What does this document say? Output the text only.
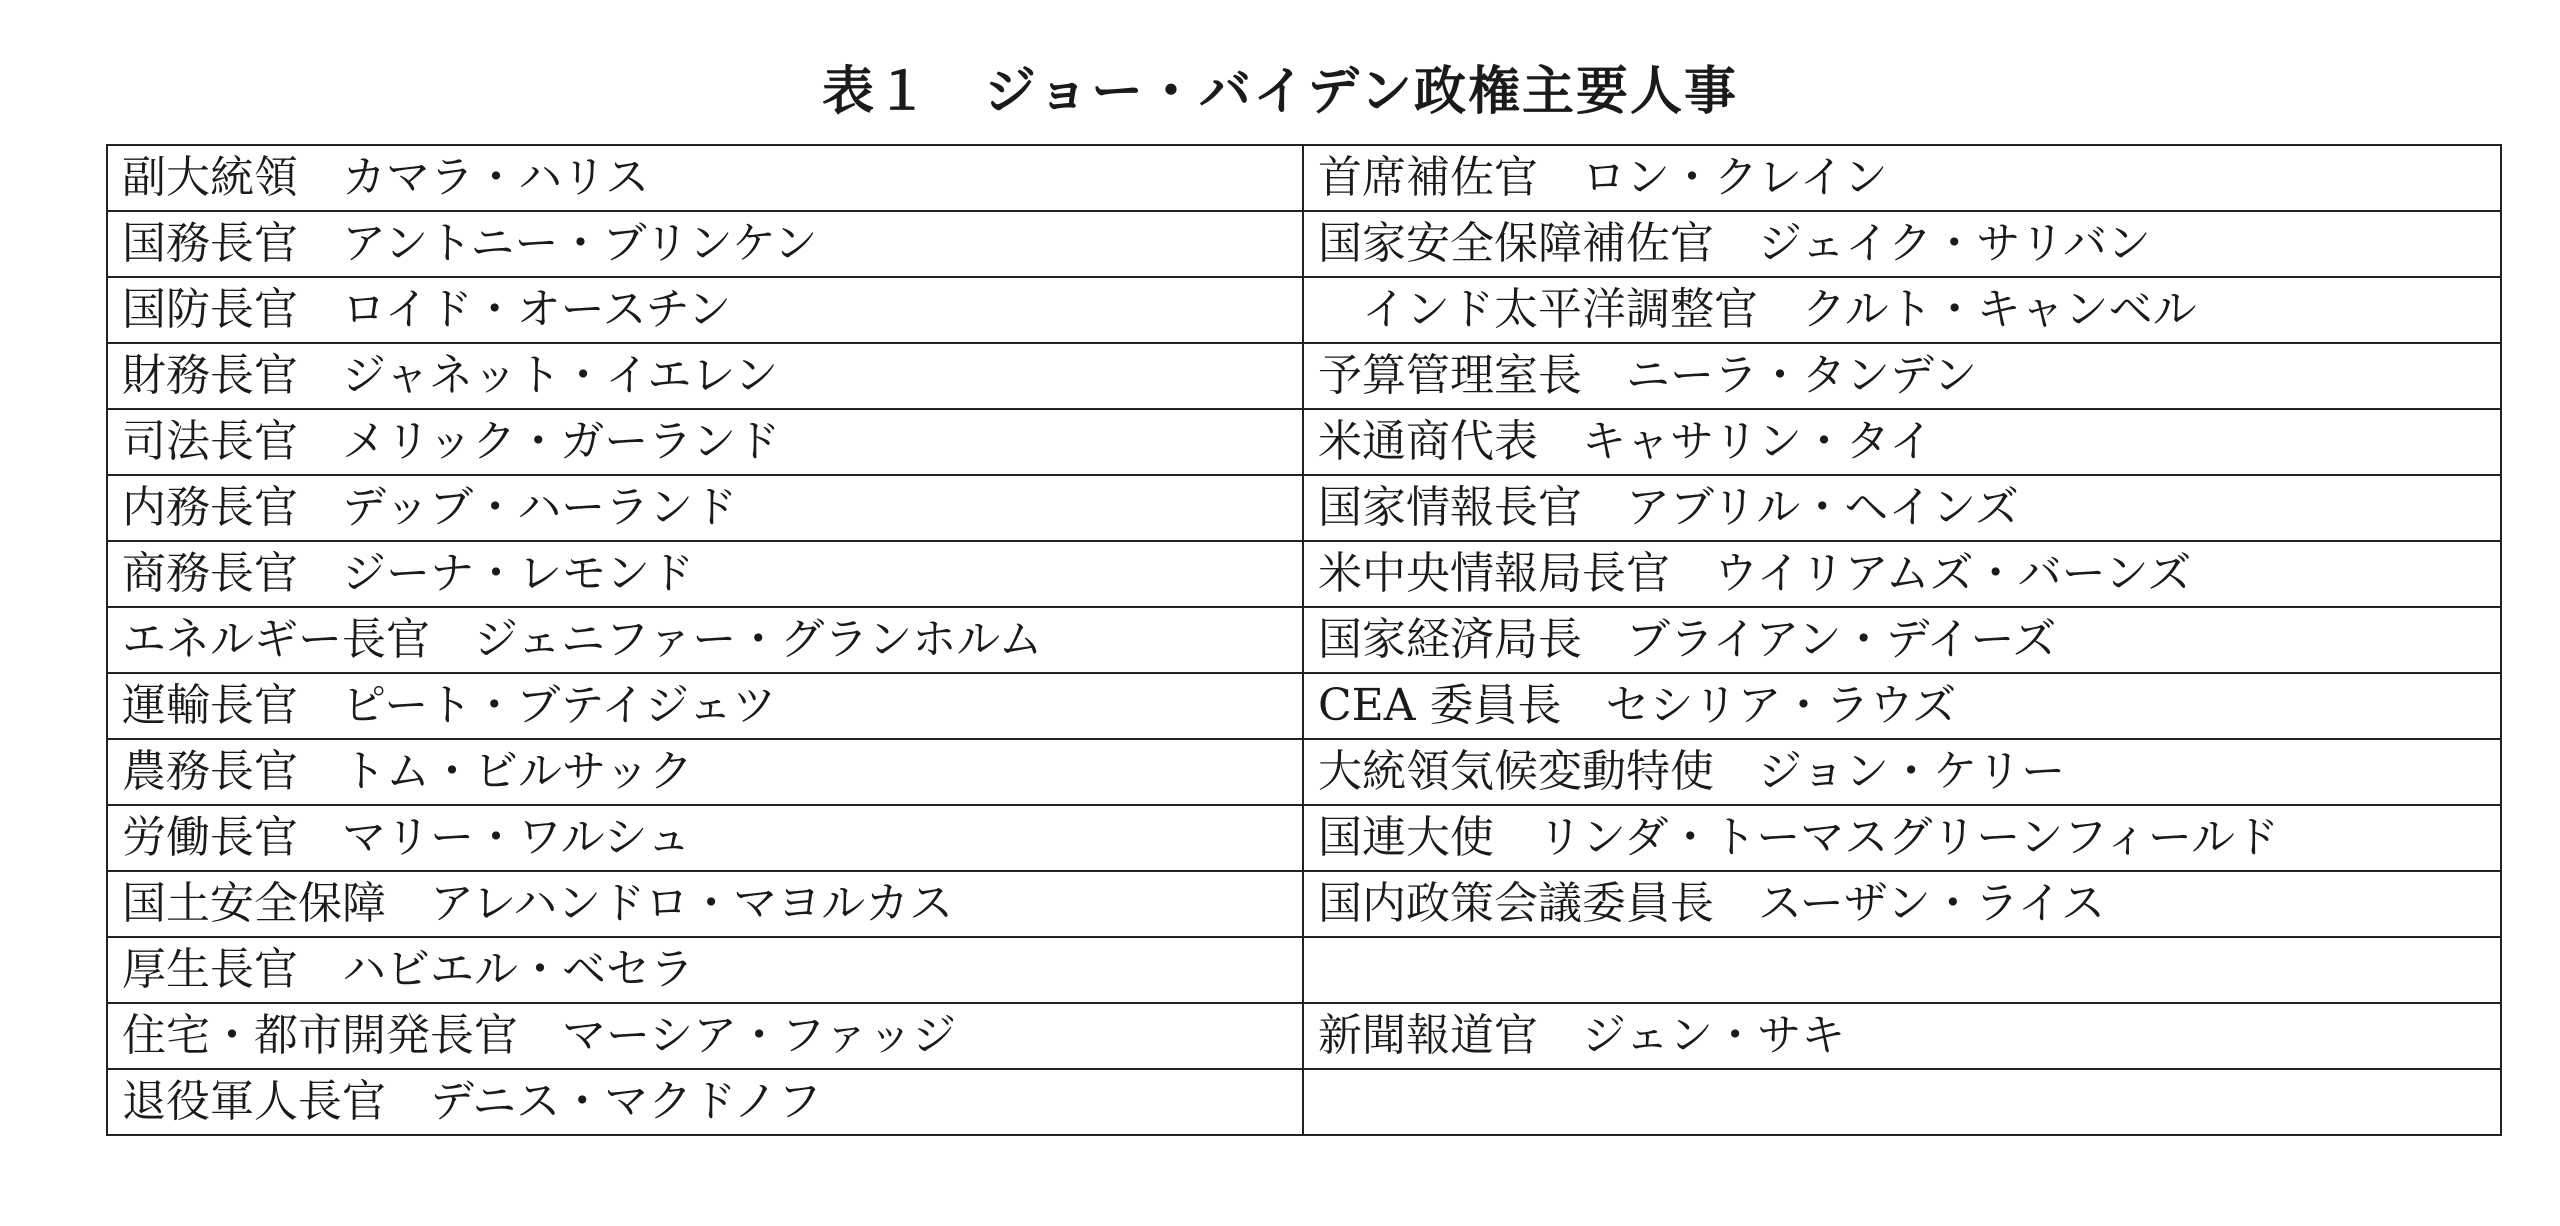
表１　ジョー・バイデン政権主要人事
副大統領 カマラ・ハリス	首席補佐官 ロン・クレイン
国務長官 アントニー・ブリンケン	国家安全保障補佐官 ジェイク・サリバン
国防長官 ロイド・オースチン	インド太平洋調整官 クルト・キャンベル
財務長官 ジャネット・イエレン	予算管理室長 ニーラ・タンデン
司法長官 メリック・ガーランド	米通商代表 キャサリン・タイ
内務長官 デッブ・ハーランド	国家情報長官 アブリル・ヘインズ
商務長官 ジーナ・レモンド	米中央情報局長官 ウイリアムズ・バーンズ
エネルギー長官 ジェニファー・グランホルム	国家経済局長 ブライアン・デイーズ
運輸長官 ピート・ブテイジェツ	CEA 委員長 セシリア・ラウズ
農務長官 トム・ビルサック	大統領気候変動特使 ジョン・ケリー
労働長官 マリー・ワルシュ	国連大使 リンダ・トーマスグリーンフィールド
国土安全保障 アレハンドロ・マヨルカス	国内政策会議委員長 スーザン・ライス
厚生長官 ハビエル・ベセラ	
住宅・都市開発長官 マーシア・ファッジ	新聞報道官 ジェン・サキ
退役軍人長官 デニス・マクドノフ	
